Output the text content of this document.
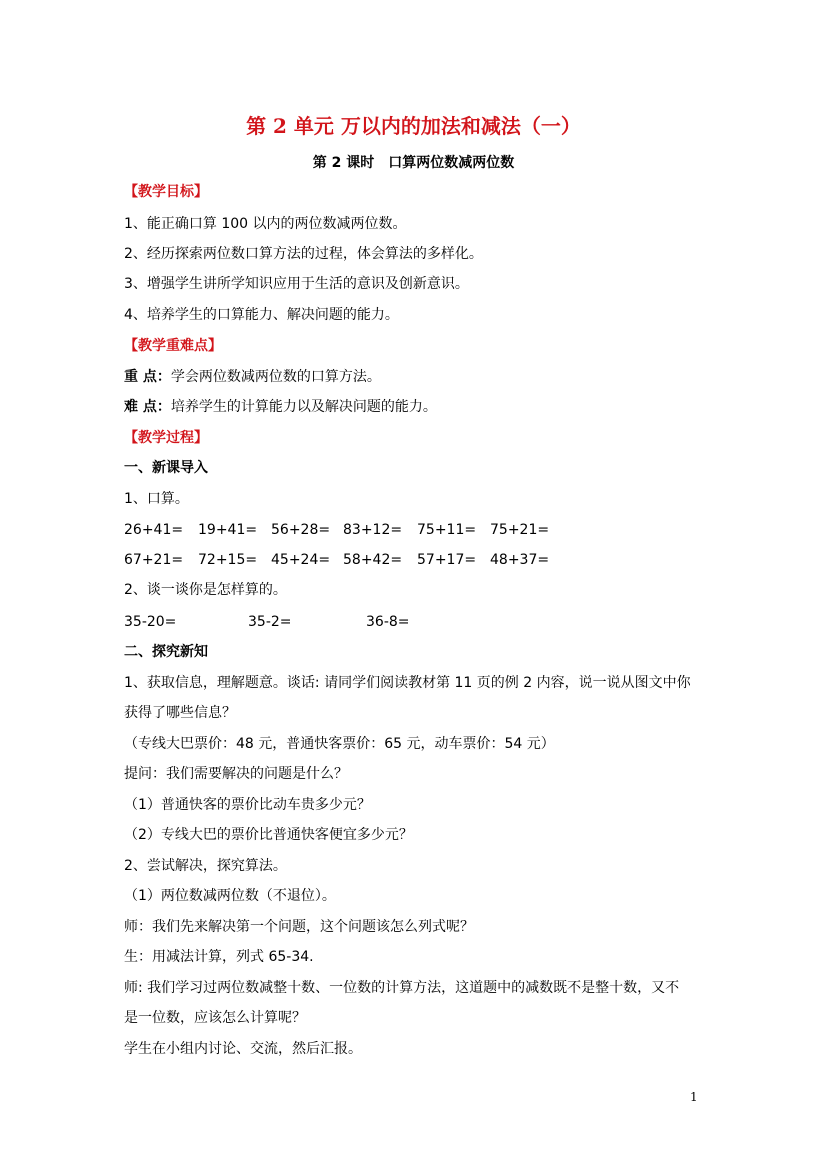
第 2 单元 万以内的加法和减法（一）
第 2 课时　口算两位数减两位数
【教学目标】
1、能正确口算 100 以内的两位数减两位数。
2、经历探索两位数口算方法的过程，体会算法的多样化。
3、增强学生讲所学知识应用于生活的意识及创新意识。
4、培养学生的口算能力、解决问题的能力。
【教学重难点】
重 点：学会两位数减两位数的口算方法。
难 点：培养学生的计算能力以及解决问题的能力。
【教学过程】
一、新课导入
1、口算。
26+41= 19+41= 56+28= 83+12= 75+11= 75+21=
67+21= 72+15= 45+24= 58+42= 57+17= 48+37=
2、谈一谈你是怎样算的。
35-20=	35-2=	36-8=
二、探究新知
1、获取信息，理解题意。谈话: 请同学们阅读教材第 11 页的例 2 内容，说一说从图文中你
获得了哪些信息？
（专线大巴票价：48 元，普通快客票价：65 元，动车票价：54 元）
提问：我们需要解决的问题是什么？
（1）普通快客的票价比动车贵多少元？
（2）专线大巴的票价比普通快客便宜多少元？
2、尝试解决，探究算法。
（1）两位数减两位数（不退位）。
师：我们先来解决第一个问题，这个问题该怎么列式呢？
生：用减法计算，列式 65-34.
师: 我们学习过两位数减整十数、一位数的计算方法，这道题中的减数既不是整十数，又不
是一位数，应该怎么计算呢？
学生在小组内讨论、交流，然后汇报。
1
